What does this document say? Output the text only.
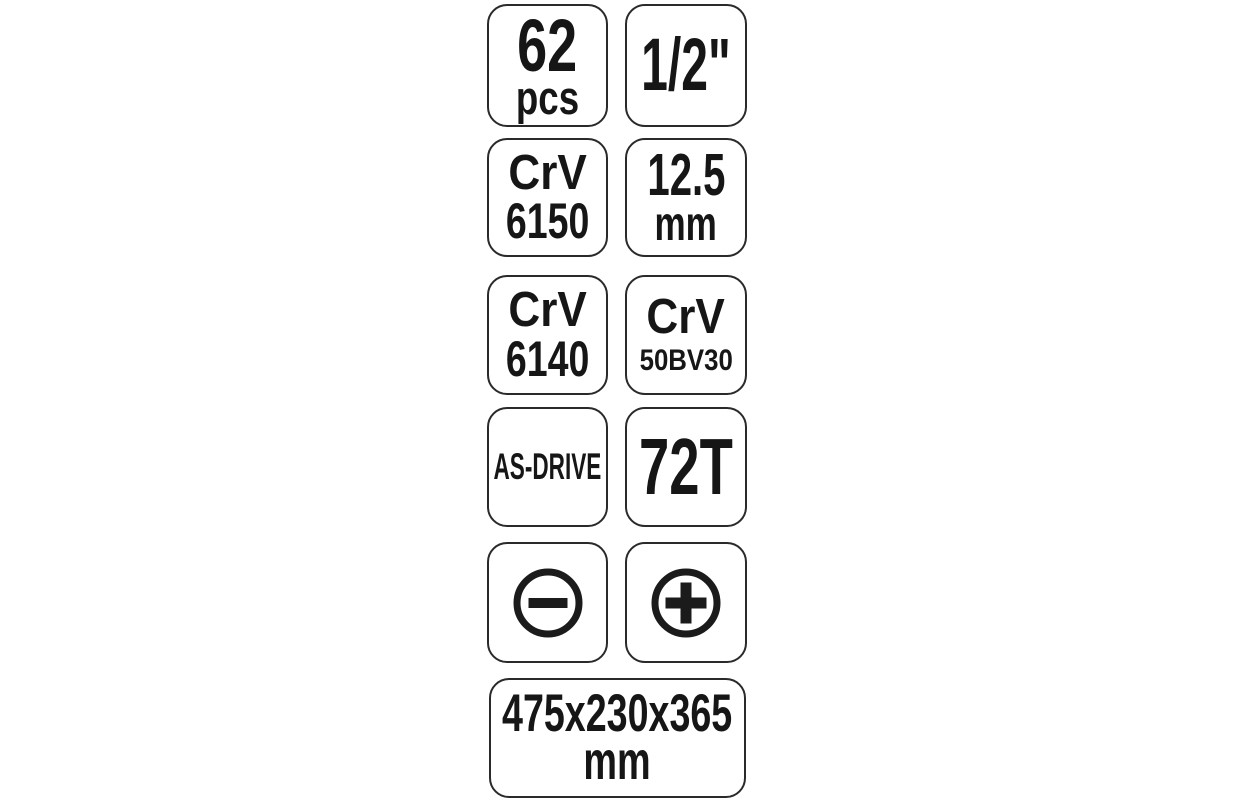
62
pcs 1/2"
CrV
6150
12.5
mm
CrV
6140
CrV
50BV30
AS-DRIVE 72T
475x230x365
mm
